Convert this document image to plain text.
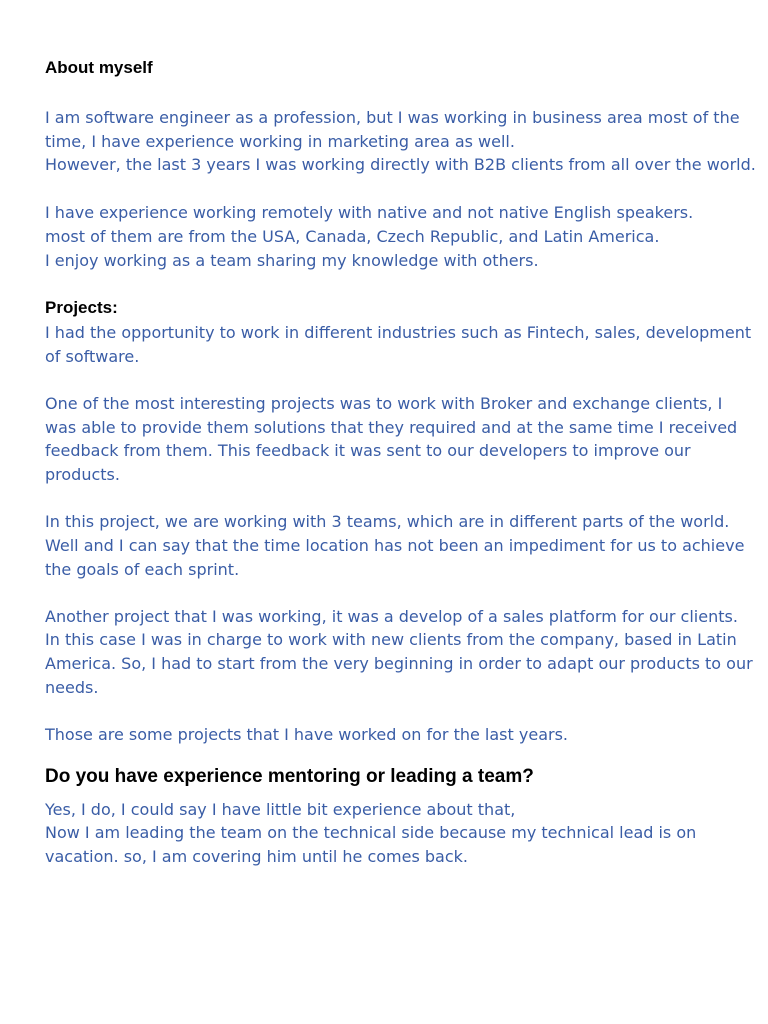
About myself
I am software engineer as a profession, but I was working in business area most of the
time, I have experience working in marketing area as well.
However, the last 3 years I was working directly with B2B clients from all over the world.
I have experience working remotely with native and not native English speakers.
most of them are from the USA, Canada, Czech Republic, and Latin America.
I enjoy working as a team sharing my knowledge with others.
Projects:
I had the opportunity to work in different industries such as Fintech, sales, development
of software.
One of the most interesting projects was to work with Broker and exchange clients, I
was able to provide them solutions that they required and at the same time I received
feedback from them. This feedback it was sent to our developers to improve our
products.
In this project, we are working with 3 teams, which are in different parts of the world.
Well and I can say that the time location has not been an impediment for us to achieve
the goals of each sprint.
Another project that I was working, it was a develop of a sales platform for our clients.
In this case I was in charge to work with new clients from the company, based in Latin
America. So, I had to start from the very beginning in order to adapt our products to our
needs.
Those are some projects that I have worked on for the last years.
Do you have experience mentoring or leading a team?
Yes, I do, I could say I have little bit experience about that,
Now I am leading the team on the technical side because my technical lead is on
vacation. so, I am covering him until he comes back.
